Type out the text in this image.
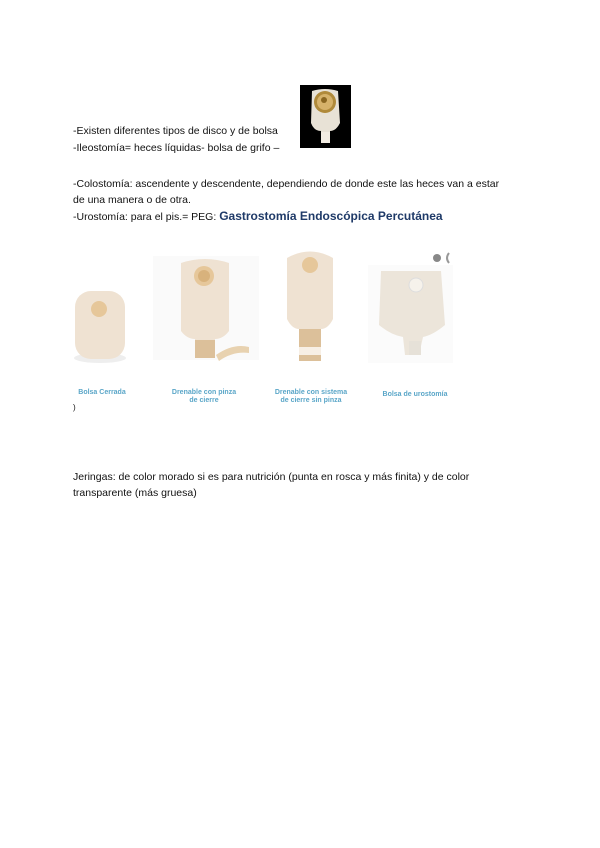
-Existen diferentes tipos de disco y de bolsa
-Ileostomía= heces líquidas- bolsa de grifo –
-Colostomía: ascendente y descendente, dependiendo de donde este las heces van a estar
de una manera o de otra.
-Urostomía: para el pis.= PEG: Gastrostomía Endoscópica Percutánea
Bolsa Cerrada	Drenable con pinza
de cierre
Drenable con sistema
de cierre sin pinza
Bolsa de urostomía
)
Jeringas: de color morado si es para nutrición (punta en rosca y más finita) y de color
transparente (más gruesa)
